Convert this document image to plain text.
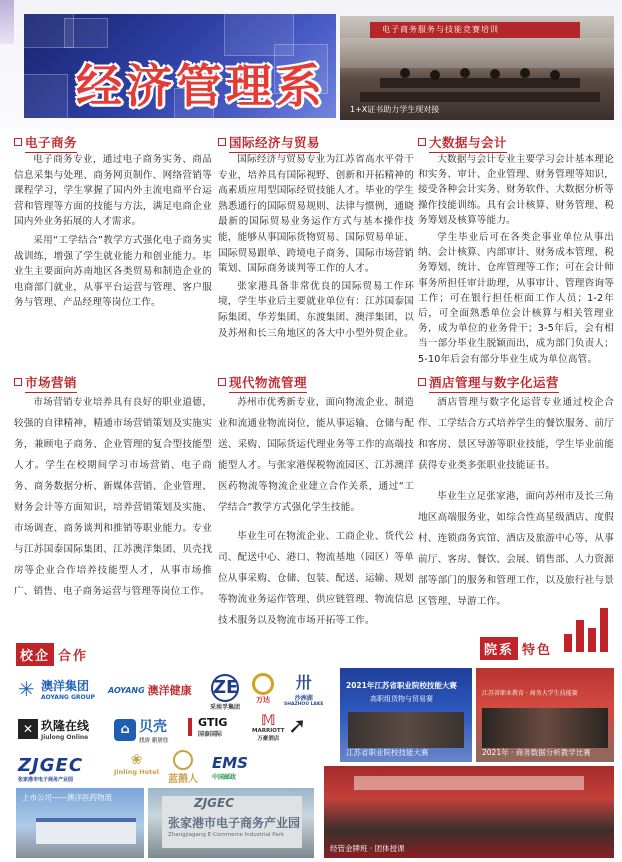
经济管理系
电子商务服务与技能竞赛培训
1+X证书助力学生现对接
电子商务

电子商务专业，通过电子商务实务、商品信息采集与处理、商务网页制作、网络营销等课程学习，学生掌握了国内外主流电商平台运营和管理等方面的技能与方法，满足电商企业国内外业务拓展的人才需求。

采用“工学结合”教学方式强化电子商务实战训练，增强了学生就业能力和创业能力。毕业生主要面向苏南地区各类贸易和制造企业的电商部门就业，从事平台运营与管理、客户服务与管理、产品经理等岗位工作。

国际经济与贸易

国际经济与贸易专业为江苏省高水平骨干专业，培养具有国际视野、创新和开拓精神的高素质应用型国际经贸技能人才。毕业的学生熟悉通行的国际贸易规则、法律与惯例，通晓最新的国际贸易业务运作方式与基本操作技能，能够从事国际货物贸易、国际贸易单证、国际贸易跟单、跨境电子商务、国际市场营销策划、国际商务谈判等工作的人才。

张家港具备非常优良的国际贸易工作环境，学生毕业后主要就业单位有：江苏国泰国际集团、华芳集团、东渡集团、澳洋集团，以及苏州和长三角地区的各大中小型外贸企业。

大数据与会计

大数据与会计专业主要学习会计基本理论和实务、审计、企业管理、财务管理等知识，接受各种会计实务、财务软件、大数据分析等操作技能训练。具有会计核算、财务管理、税务筹划及核算等能力。

学生毕业后可在各类企事业单位从事出纳、会计核算、内部审计、财务成本管理、税务筹划、统计、仓库管理等工作；可在会计师事务所担任审计助理，从事审计、管理咨询等工作；可在银行担任柜面工作人员；1-2年后，可全面熟悉单位会计核算与相关管理业务，成为单位的业务骨干；3-5年后，会有相当一部分毕业生脱颖而出，成为部门负责人；5-10年后会有部分毕业生成为单位高管。

市场营销

市场营销专业培养具有良好的职业道德，较强的自律精神，精通市场营销策划及实施实务，兼顾电子商务、企业管理的复合型技能型人才。学生在校期间学习市场营销、电子商务、商务数据分析、新媒体营销、企业管理、财务会计等方面知识，培养营销策划及实施、市场调查、商务谈判和推销等职业能力。专业与江苏国泰国际集团、江苏澳洋集团、贝壳找房等企业合作培养技能型人才，从事市场推广、销售、电子商务运营与管理等岗位工作。

现代物流管理

苏州市优秀新专业，面向物流企业、制造业和流通业物流岗位，能从事运输、仓储与配送、采购、国际货运代理业务等工作的高端技能型人才。与张家港保税物流园区、江苏澳洋医药物流等物流企业建立合作关系，通过“工学结合”教学方式强化学生技能。

毕业生可在物流企业、工商企业、货代公司、配送中心、港口、物流基地（园区）等单位从事采购、仓储、包装、配送、运输、规划等物流业务运作管理、供应链管理、物流信息技术服务以及物流市场开拓等工作。

酒店管理与数字化运营

酒店管理与数字化运营专业通过校企合作、工学结合方式培养学生的餐饮服务、前厅和客房、景区导游等职业技能，学生毕业前能获得专业类多张职业技能证书。

毕业生立足张家港，面向苏州市及长三角地区高端服务业，如综合性高星级酒店、度假村、连锁商务宾馆、酒店及旅游中心等，从事前厅、客房、餐饮、会展、销售部、人力资源部等部门的服务和管理工作，以及旅行社与景区管理、导游工作。

校企 合作	院系 特色
✳ 澳洋集团
AOYANG GROUP
AOYANG 澳洋健康 ZE
采埃孚集团
万达
卅
沙洲湖
SHAZHOU LAKE
✕ 玖隆在线
Jiulong Online
⌂ 贝壳
找房 新居住
GTIG
国泰国际
𝕄
MARRIOTT
万豪酒店 ➚
ZJGEC
张家港市电子商务产业园
❀
Jinling Hotel
蓝鹅人
EMS
中国邮政
上市公司——澳洋医药物流	ZJGEC
张家港市电子商务产业园
Zhangjiagang E-Commerce Industrial Park
2021年江苏省职业院校技能大赛
高职组货物与贸易赛
江苏省职业院校技能大赛
江苏省职业教育 · 商务大学生技能赛
2021年 · 商务数据分析教学比赛
经管金牌班 · 团体授课
